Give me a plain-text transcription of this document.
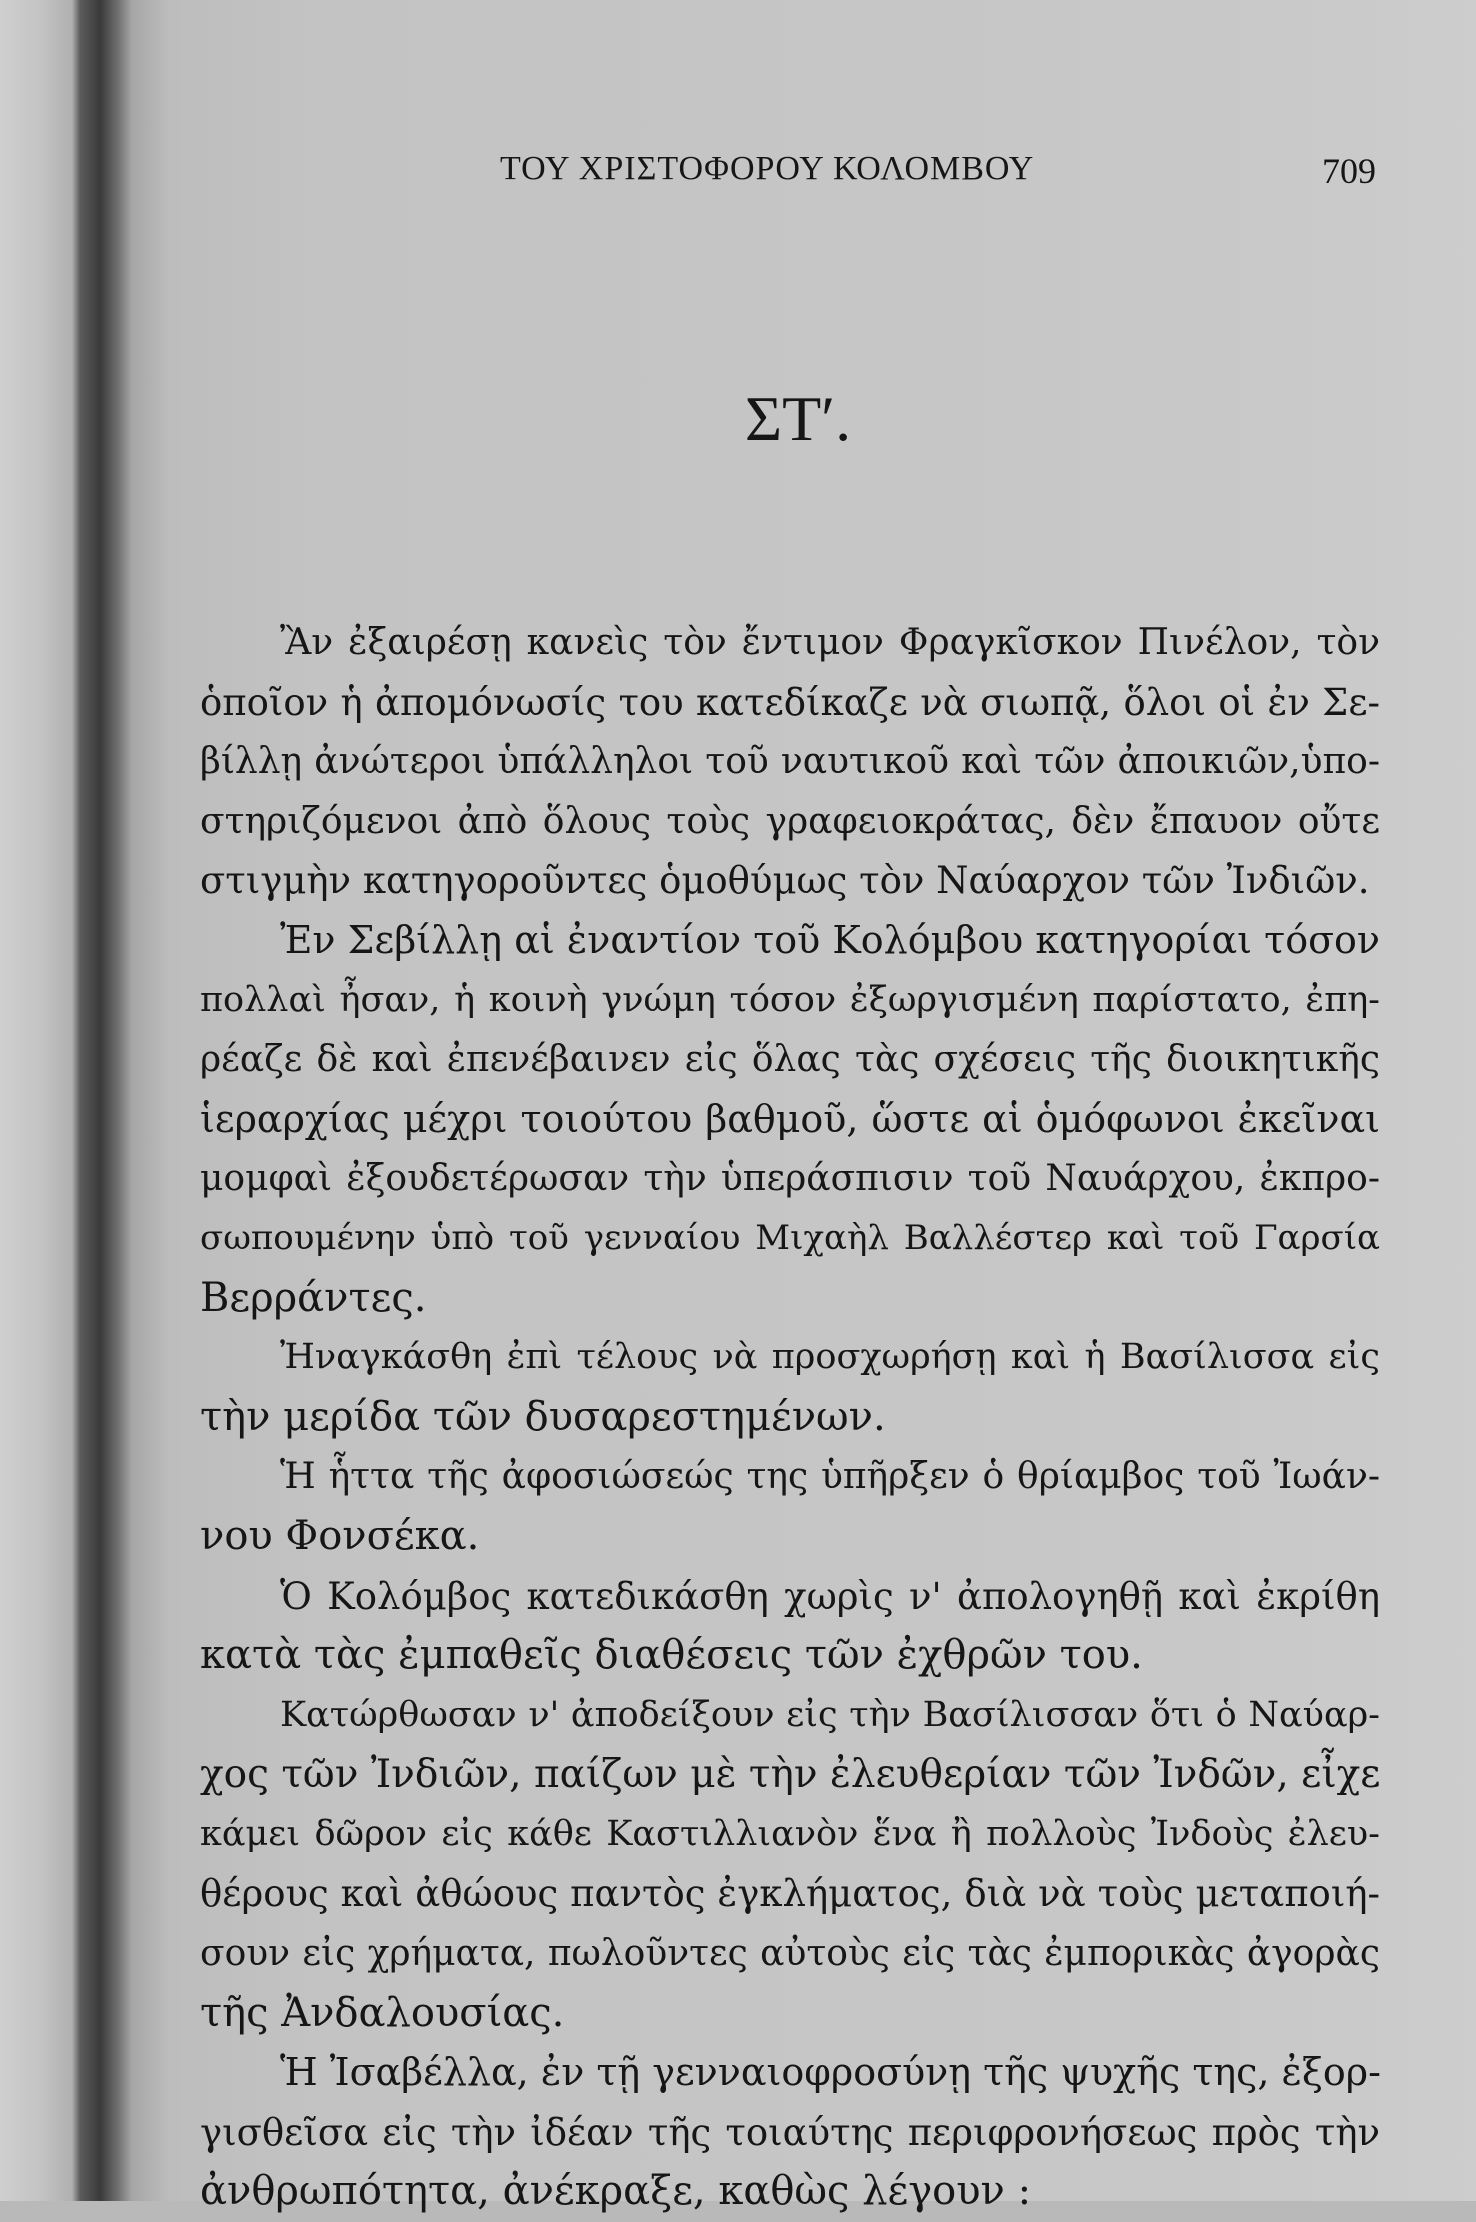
ΤΟΥ ΧΡΙΣΤΟΦΟΡΟΥ ΚΟΛΟΜΒΟΥ	709
ΣΤʹ.
Ἂν ἐξαιρέσῃ κανεὶς τὸν ἔντιμον Φραγκῖσκον Πινέλον, τὸν
ὁποῖον ἡ ἀπομόνωσίς του κατεδίκαζε νὰ σιωπᾷ, ὅλοι οἱ ἐν Σε-
βίλλῃ ἀνώτεροι ὑπάλληλοι τοῦ ναυτικοῦ καὶ τῶν ἀποικιῶν,ὑπο-
στηριζόμενοι ἀπὸ ὅλους τοὺς γραφειοκράτας, δὲν ἔπαυον οὔτε
στιγμὴν κατηγοροῦντες ὁμοθύμως τὸν Ναύαρχον τῶν Ἰνδιῶν.
Ἐν Σεβίλλῃ αἱ ἐναντίον τοῦ Κολόμβου κατηγορίαι τόσον
πολλαὶ ἦσαν, ἡ κοινὴ γνώμη τόσον ἐξωργισμένη παρίστατο, ἐπη-
ρέαζε δὲ καὶ ἐπενέβαινεν εἰς ὅλας τὰς σχέσεις τῆς διοικητικῆς
ἱεραρχίας μέχρι τοιούτου βαθμοῦ, ὥστε αἱ ὁμόφωνοι ἐκεῖναι
μομφαὶ ἐξουδετέρωσαν τὴν ὑπεράσπισιν τοῦ Ναυάρχου, ἐκπρο-
σωπουμένην ὑπὸ τοῦ γενναίου Μιχαὴλ Βαλλέστερ καὶ τοῦ Γαρσία
Βερράντες.
Ἠναγκάσθη ἐπὶ τέλους νὰ προσχωρήσῃ καὶ ἡ Βασίλισσα εἰς
τὴν μερίδα τῶν δυσαρεστημένων.
Ἡ ἧττα τῆς ἀφοσιώσεώς της ὑπῆρξεν ὁ θρίαμβος τοῦ Ἰωάν-
νου Φονσέκα.
Ὁ Κολόμβος κατεδικάσθη χωρὶς ν' ἀπολογηθῇ καὶ ἐκρίθη
κατὰ τὰς ἐμπαθεῖς διαθέσεις τῶν ἐχθρῶν του.
Κατώρθωσαν ν' ἀποδείξουν εἰς τὴν Βασίλισσαν ὅτι ὁ Ναύαρ-
χος τῶν Ἰνδιῶν, παίζων μὲ τὴν ἐλευθερίαν τῶν Ἰνδῶν, εἶχε
κάμει δῶρον εἰς κάθε Καστιλλιανὸν ἕνα ἢ πολλοὺς Ἰνδοὺς ἐλευ-
θέρους καὶ ἀθώους παντὸς ἐγκλήματος, διὰ νὰ τοὺς μεταποιή-
σουν εἰς χρήματα, πωλοῦντες αὐτοὺς εἰς τὰς ἐμπορικὰς ἀγορὰς
τῆς Ἀνδαλουσίας.
Ἡ Ἰσαβέλλα, ἐν τῇ γενναιοφροσύνῃ τῆς ψυχῆς της, ἐξορ-
γισθεῖσα εἰς τὴν ἰδέαν τῆς τοιαύτης περιφρονήσεως πρὸς τὴν
ἀνθρωπότητα, ἀνέκραξε, καθὼς λέγουν :
